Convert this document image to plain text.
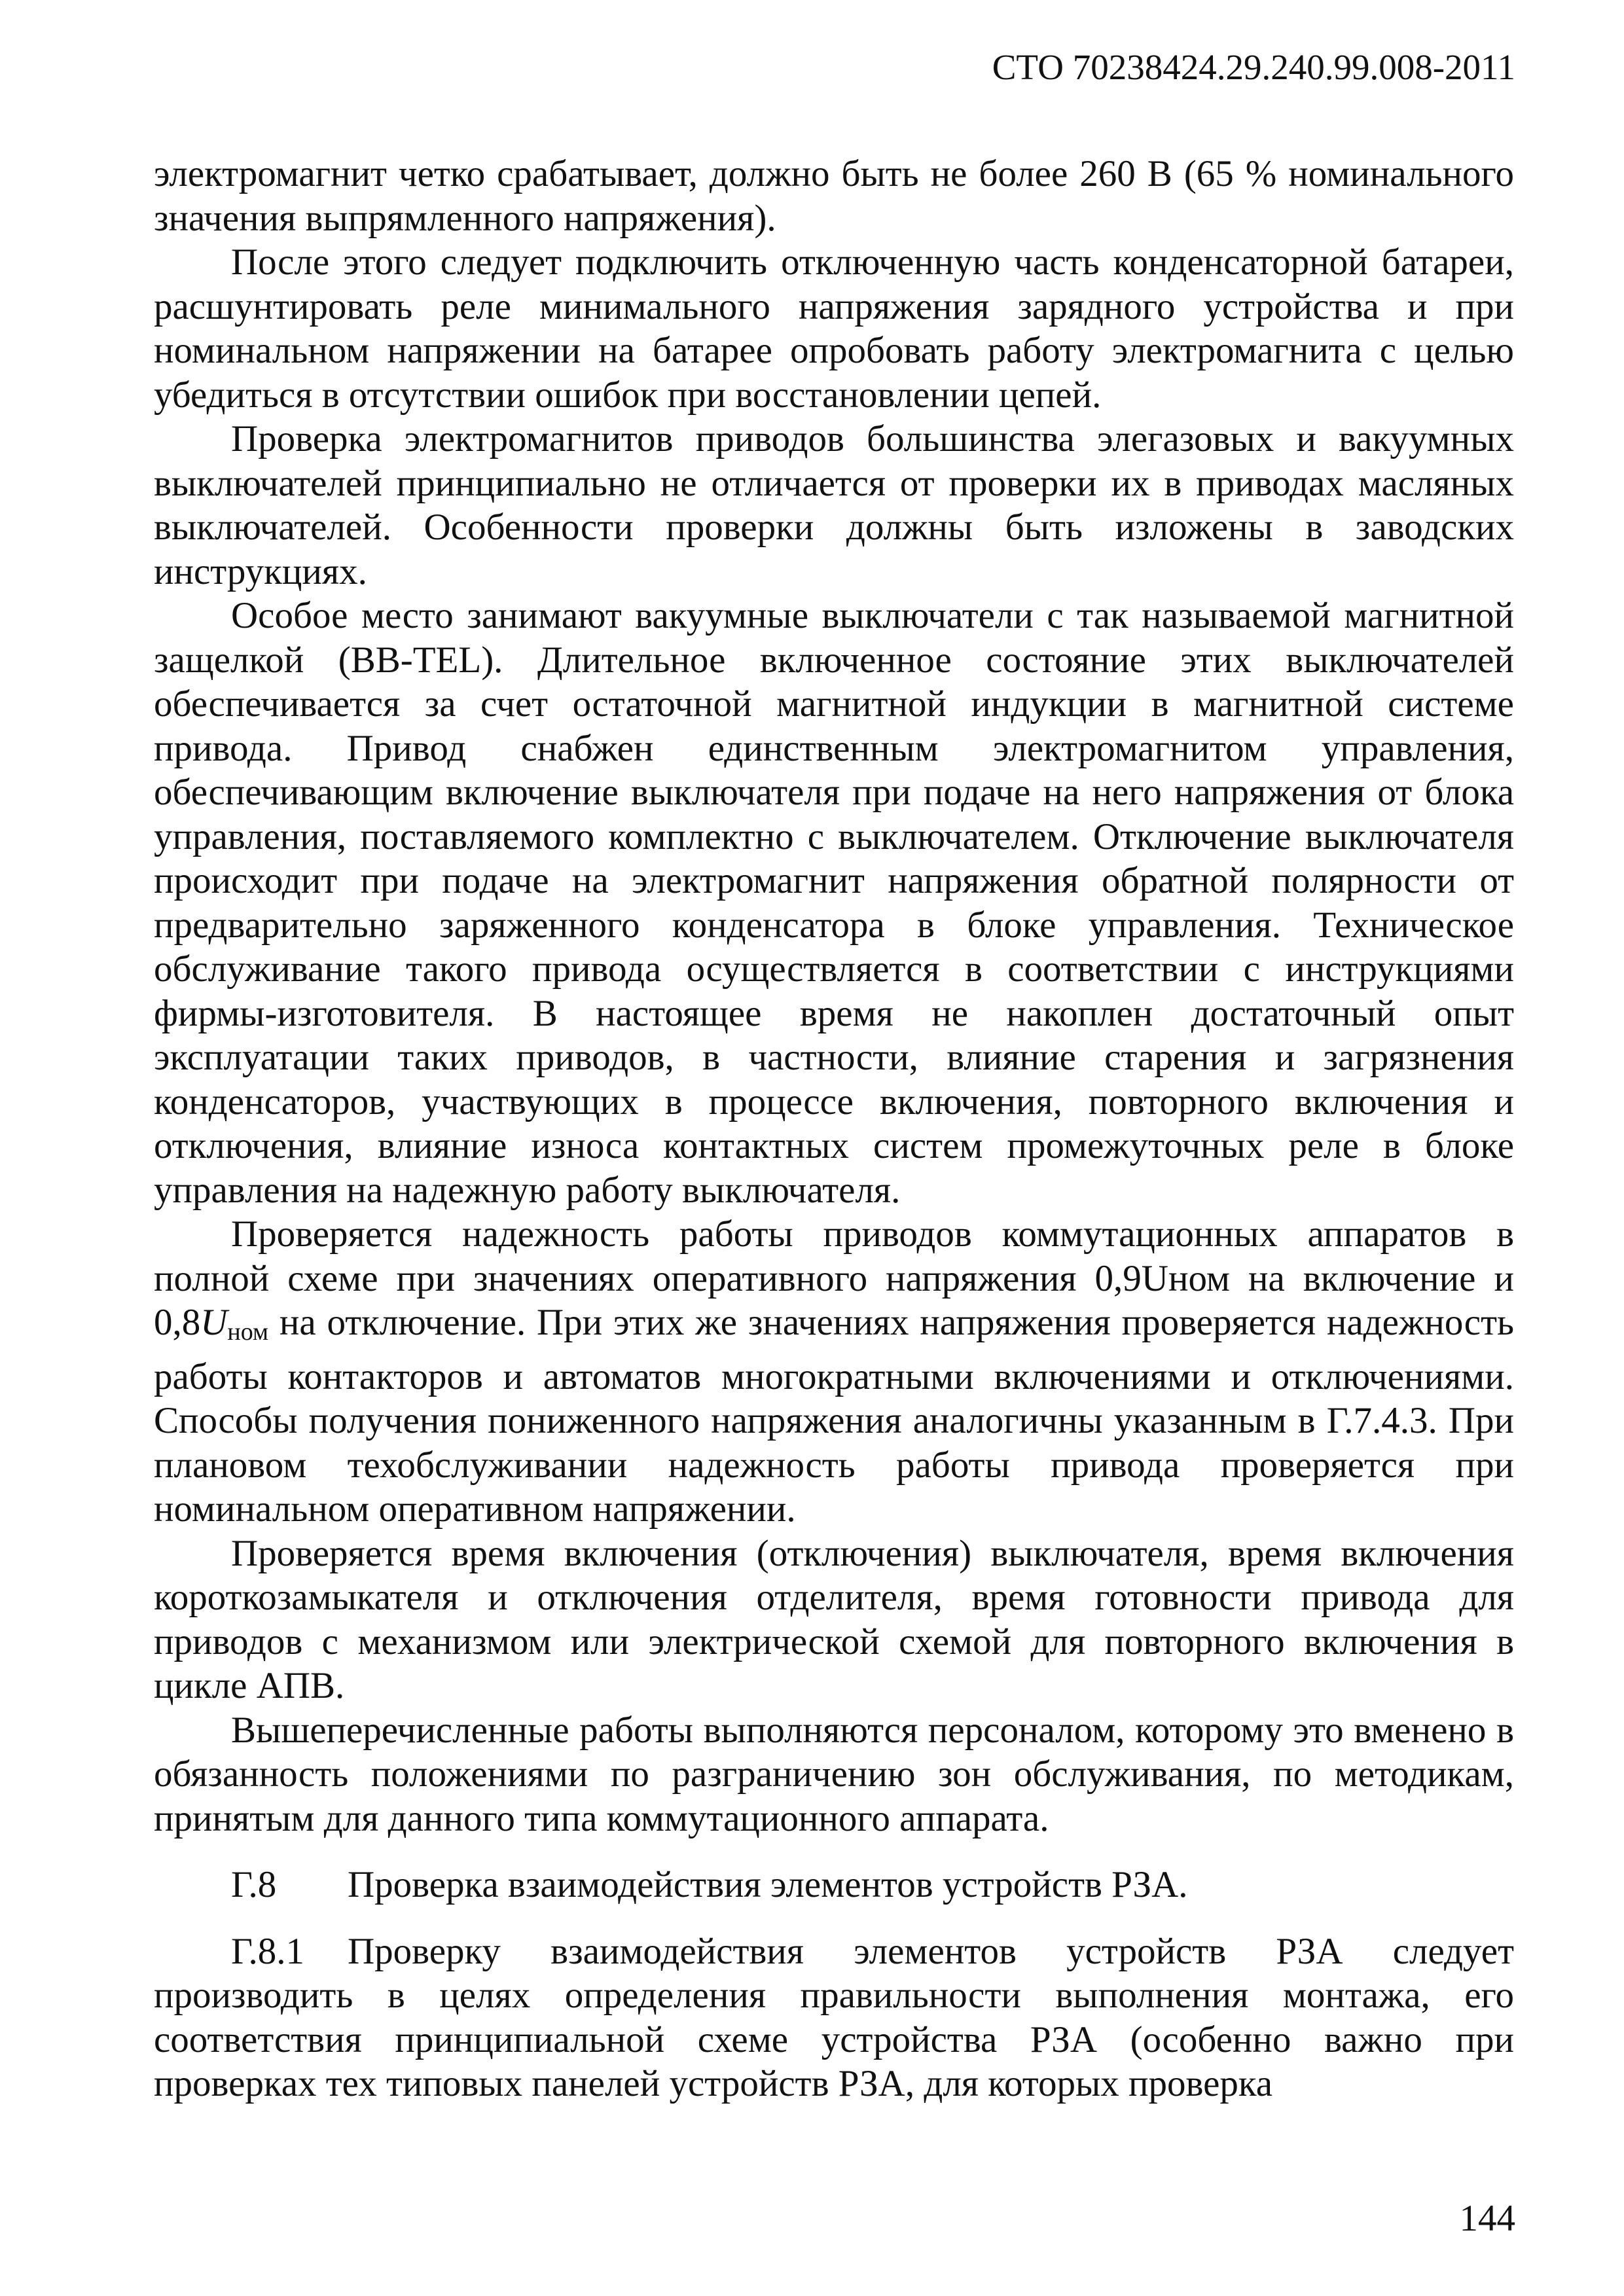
СТО 70238424.29.240.99.008-2011

электромагнит четко срабатывает, должно быть не более 260 В (65 % номинального значения выпрямленного напряжения).

После этого следует подключить отключенную часть конденсаторной батареи, расшунтировать реле минимального напряжения зарядного устройства и при номинальном напряжении на батарее опробовать работу электромагнита с целью убедиться в отсутствии ошибок при восстановлении цепей.

Проверка электромагнитов приводов большинства элегазовых и вакуумных выключателей принципиально не отличается от проверки их в приводах масляных выключателей. Особенности проверки должны быть изложены в заводских инструкциях.

Особое место занимают вакуумные выключатели с так называемой магнитной защелкой (ВВ-TEL). Длительное включенное состояние этих выключателей обеспечивается за счет остаточной магнитной индукции в магнитной системе привода. Привод снабжен единственным электромагнитом управления, обеспечивающим включение выключателя при подаче на него напряжения от блока управления, поставляемого комплектно с выключателем. Отключение выключателя происходит при подаче на электромагнит напряжения обратной полярности от предварительно заряженного конденсатора в блоке управления. Техническое обслуживание такого привода осуществляется в соответствии с инструкциями фирмы-изготовителя. В настоящее время не накоплен достаточный опыт эксплуатации таких приводов, в частности, влияние старения и загрязнения конденсаторов, участвующих в процессе включения, повторного включения и отключения, влияние износа контактных систем промежуточных реле в блоке управления на надежную работу выключателя.

Проверяется надежность работы приводов коммутационных аппаратов в полной схеме при значениях оперативного напряжения 0,9Uном на включение и $0,8U_{ном}$ на отключение. При этих же значениях напряжения проверяется надежность работы контакторов и автоматов многократными включениями и отключениями. Способы получения пониженного напряжения аналогичны указанным в Г.7.4.3. При плановом техобслуживании надежность работы привода проверяется при номинальном оперативном напряжении.

Проверяется время включения (отключения) выключателя, время включения короткозамыкателя и отключения отделителя, время готовности привода для приводов с механизмом или электрической схемой для повторного включения в цикле АПВ.

Вышеперечисленные работы выполняются персоналом, которому это вменено в обязанность положениями по разграничению зон обслуживания, по методикам, принятым для данного типа коммутационного аппарата.

Г.8 Проверка взаимодействия элементов устройств РЗА.

Г.8.1 Проверку взаимодействия элементов устройств РЗА следует производить в целях определения правильности выполнения монтажа, его соответствия принципиальной схеме устройства РЗА (особенно важно при проверках тех типовых панелей устройств РЗА, для которых проверка

144
